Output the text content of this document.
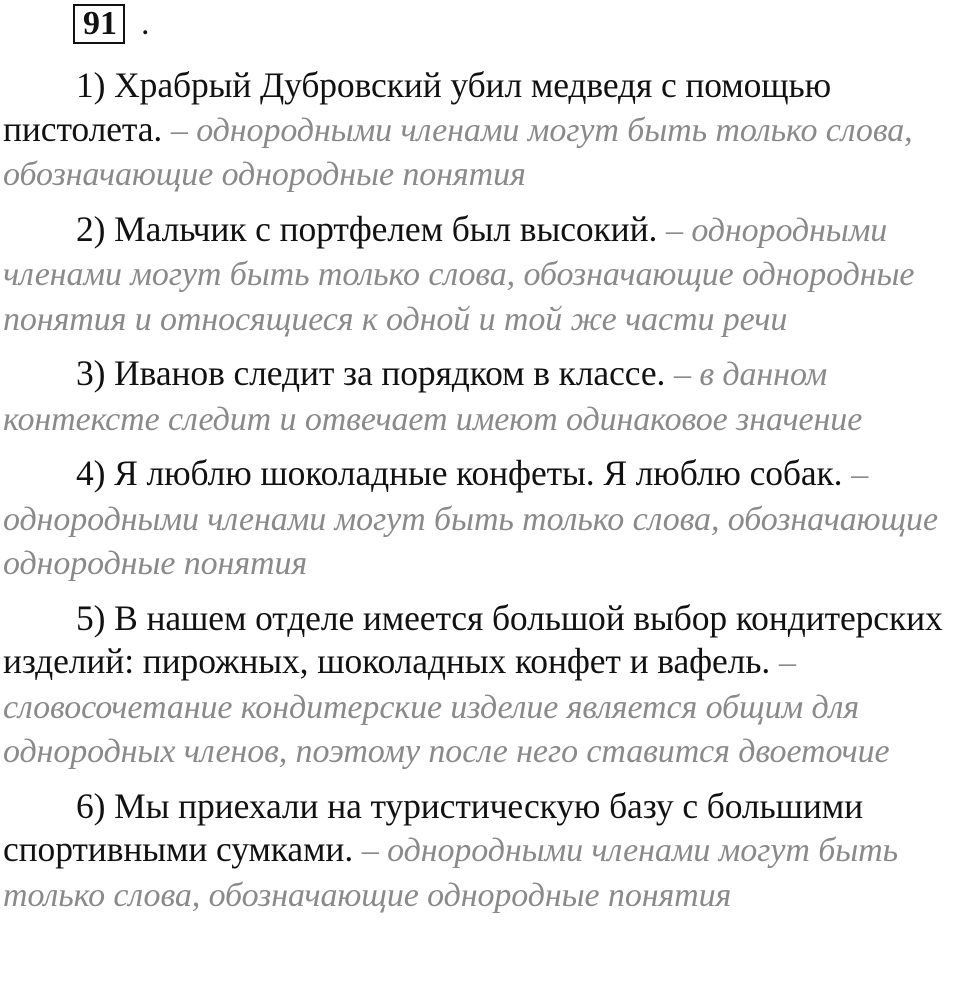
91 .

1) Храбрый Дубровский убил медведя с помощью пистолета. – однородными членами могут быть только слова, обозначающие однородные понятия

2) Мальчик с портфелем был высокий. – однородными членами могут быть только слова, обозначающие однородные понятия и относящиеся к одной и той же части речи

3) Иванов следит за порядком в классе. – в данном контексте следит и отвечает имеют одинаковое значение

4) Я люблю шоколадные конфеты. Я люблю собак. – однородными членами могут быть только слова, обозначающие однородные понятия

5) В нашем отделе имеется большой выбор кондитерских изделий: пирожных, шоколадных конфет и вафель. – словосочетание кондитерские изделие является общим для однородных членов, поэтому после него ставится двоеточие

6) Мы приехали на туристическую базу с большими спортивными сумками. – однородными членами могут быть только слова, обозначающие однородные понятия
